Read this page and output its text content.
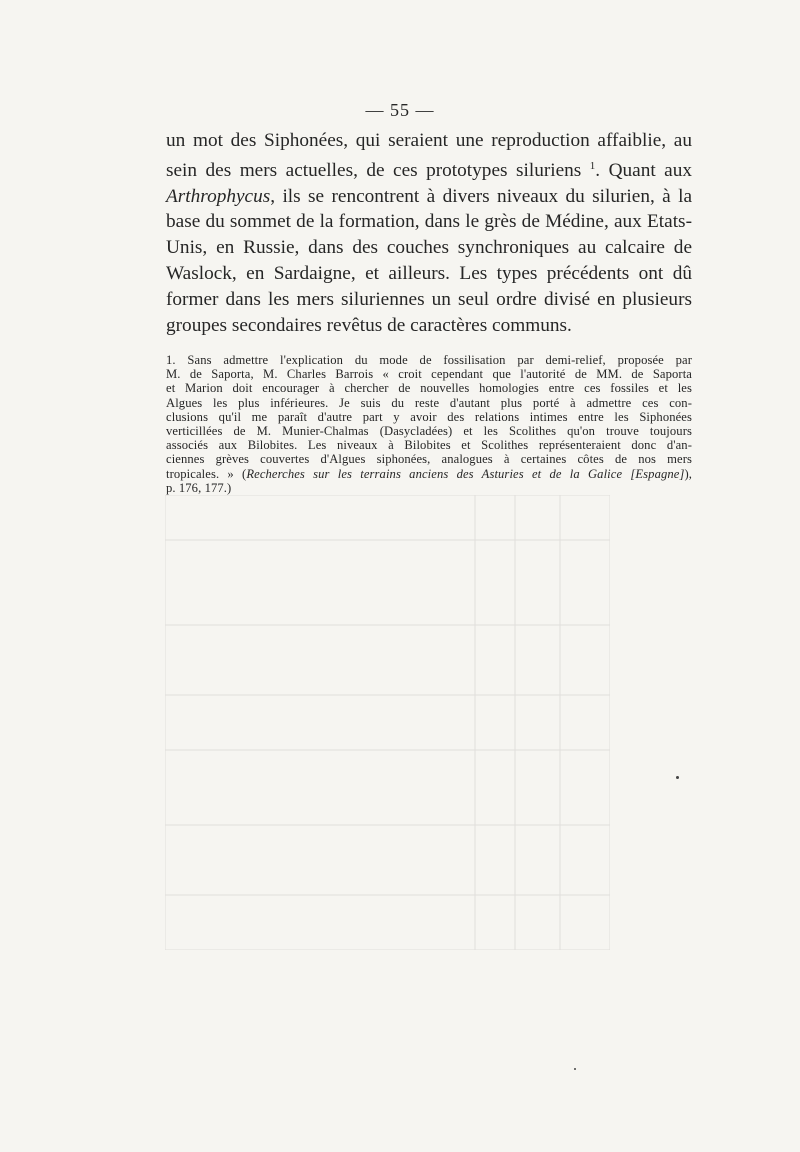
— 55 —
un mot des Siphonées, qui seraient une reproduction affaiblie, au
sein des mers actuelles, de ces prototypes siluriens $^1$. Quant aux
Arthrophycus, ils se rencontrent à divers niveaux du silurien, à la
base du sommet de la formation, dans le grès de Médine, aux Etats-
Unis, en Russie, dans des couches synchroniques au calcaire de
Waslock, en Sardaigne, et ailleurs. Les types précédents ont dû
former dans les mers siluriennes un seul ordre divisé en plusieurs
groupes secondaires revêtus de caractères communs.
1. Sans admettre l'explication du mode de fossilisation par demi-relief, proposée par
M. de Saporta, M. Charles Barrois « croit cependant que l'autorité de MM. de Saporta
et Marion doit encourager à chercher de nouvelles homologies entre ces fossiles et les
Algues les plus inférieures. Je suis du reste d'autant plus porté à admettre ces con-
clusions qu'il me paraît d'autre part y avoir des relations intimes entre les Siphonées
verticillées de M. Munier-Chalmas (Dasycladées) et les Scolithes qu'on trouve toujours
associés aux Bilobites. Les niveaux à Bilobites et Scolithes représenteraient donc d'an-
ciennes grèves couvertes d'Algues siphonées, analogues à certaines côtes de nos mers
tropicales. » (Recherches sur les terrains anciens des Asturies et de la Galice [Espagne]),
p. 176, 177.)
